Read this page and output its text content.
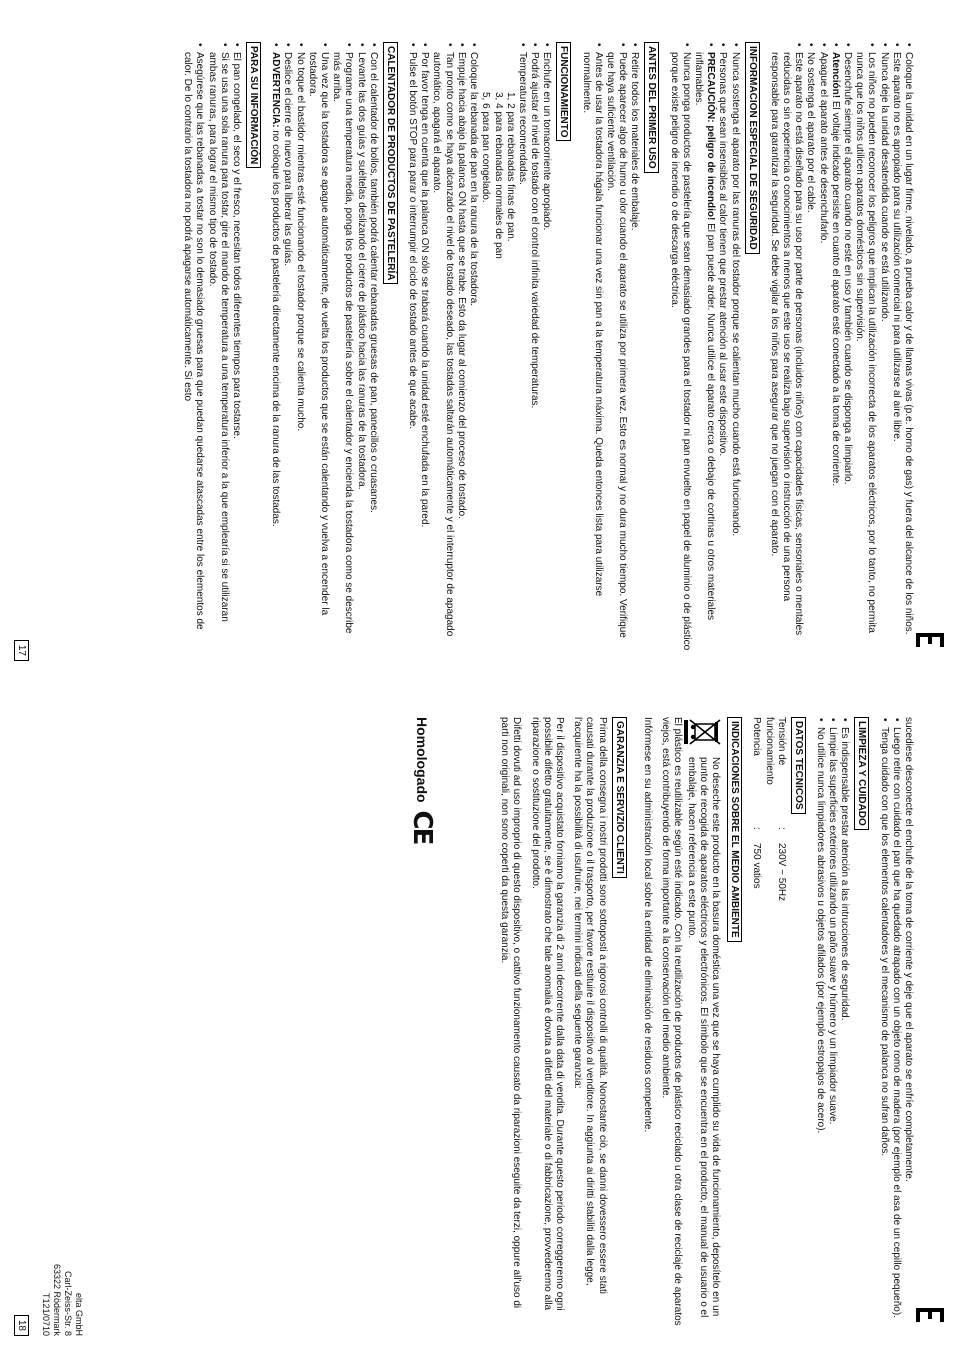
• Coloque la unidad en un lugar firme, nivelado, a prueba calor y de llamas vivas (p.e. horno de gas) y fuera del alcance de los niños.
• Este aparato no es apropiado para su utilización comercial ni para utilizarse al aire libre.
• Nunca deje la unidad desatendida cuando se está utilizando.
• Los niños no pueden reconocer los peligros que implican la utilización incorrecta de los aparatos eléctricos, por lo tanto, no permita nunca que los niños utilicen aparatos domésticos sin supervisión.
• Desenchufe siempre el aparato cuando no esté en uso y también cuando se disponga a limpiarlo.
• Atención! El voltaje indicado persiste en cuanto el aparato esté conectado a la toma de corriente.
• Apague el aparato antes de desenchufarlo.
• No sostenga el aparato por el cable.
• Este aparato no está diseñado para su uso por parte de personas (incluidos niños) con capacidades físicas, sensoriales o mentales reducidas o sin experiencia o conocimientos a menos que este uso se realiza bajo supervisión o instrucción de una persona responsable para garantizar la seguridad. Se debe vigilar a los niños para asegurar que no juegan con el aparato.
INFORMACION ESPECIAL DE SEGURIDAD
• Nunca sostenga el aparato por las ranuras del tostador porque se calientan mucho cuando está funcionando.
• Personas que sean insensibles al calor tienen que prestar atención al usar este dispositivo.
• PRECAUCIÓN: peligro de incendio! El pan puede arder. Nunca utilice el aparato cerca o debajo de cortinas u otros materiales inflamables.
• Nunca ponga productos de pastelería que sean demasiado grandes para el tostador ni pan envuelto en papel de aluminio o de plástico porque existe peligro de incendio o de descarga eléctrica.
ANTES DEL PRIMER USO
• Retire todos los materiales de embalaje.
• Puede aparecer algo de humo u olor cuando el aparato se utiliza por primera vez. Esto es normal y no dura mucho tiempo. Verifique que haya suficiente ventilación.
• Antes de usar la tostadora hágala funcionar una vez sin pan a la temperatura máxima. Queda entonces lista para utilizarse normalmente.
FUNCIONAMIENTO
• Enchufe en un tomacorriente apropiado.
• Podrá ajustar el nivel de tostado con el control infinita variedad de temperaturas.
• Temperaturas recomendadas.
1, 2 para rebanadas finas de pan.
3, 4 para rebanadas normales de pan
5, 6 para pan congelado.
• Coloque la rebanada de pan en la ranura de la tostadora.
• Empuje hacia abajo la palanca ON hasta que se trabe. Esto da lugar al comienzo del proceso de tostado.
• Tan pronto como se haya alcanzado el nivel de tostado deseado, las tostadas saltarán automáticamente y el interruptor de apagado automático, apagará el aparato.
• Por favor tenga en cuenta que la palanca ON sólo se trabará cuando la unidad esté enchufada en la pared.
• Pulse el botón STOP para parar o interrumpir el ciclo de tostado antes de que acabe.
CALENTADOR DE PRODUCTOS DE PASTELERÍA
• Con el calentador de bollos, también podrá calentar rebanadas gruesas de pan, panecillos o cruasanes.
• Levante las dos guías y suéltelas deslizando el cierre de plástico hacia las ranuras de la tostadora.
• Programe una temperatura media, ponga los productos de pastelería sobre el calentador y encienda la tostadora como se describe más arriba.
• Una vez que la tostadora se apague automáticamente, de vuelta los productos que se están calentando y vuelva a encender la tostadora.
• No toque el bastidor mientras esté funcionando el tostador porque se calienta mucho.
• Deslice el cierre de nuevo para liberar las guías.
• ADVERTENCIA: no coloque los productos de pastelería directamente encima de la ranura de las tostadas.
PARA SU INFORMACIÓN
• El pan congelado, el seco y el fresco, necesitan todos diferentes tiempos para tostarse.
• Si se usa una sola ranura para tostar, gire el mando de temperatura a una temperatura inferior a la que emplearía si se utilizaran ambas ranuras, para lograr el mismo tipo de tostado.
• Asegúrese que las rebanadas a tostar no son lo demasiado gruesas para que puedan quedarse atascadas entre los elementos de calor. De lo contrario la tostadora no podrá apagarse automáticamente. Si esto
17

sucediese desconecte el enchufe de la toma de corriente y deje que el aparato se enfríe completamente.

• Luego retire con cuidado el pan que ha quedado atrapado con un objeto romo de madera (por ejemplo el asa de un cepillo pequeño).
• Tenga cuidado con que los elementos calentadores y el mecanismo de palanca no sufran daños.
LIMPIEZA Y CUIDADO
• Es indispensable prestar atención a las intrucciones de seguridad.
• Limpie las superficies exteriores utilizando un paño suave y húmero y un limpiador suave.
• No utilice nunca limpiadores abrasivos u objetos afilados (por ejemplo estropajos de acero).
DATOS TECNICOS
Tensión de funcionamiento
:
230V ~ 50Hz
Potencia
:
750 vatios
INDICACIONES SOBRE EL MEDIO AMBIENTE
No deseche este producto en la basura doméstica una vez que se haya cumplido su vida de funcionamiento, deposítelo en un punto de recogida de aparatos eléctricos y electrónicos. El símbolo que se encuentra en el producto, el manual de usuario o el embalaje, hacen referencia a este punto.

El plástico es reutilizable según esté indicado. Con la reutilización de productos de plástico reciclado u otra clase de reciclaje de aparatos viejos, está contribuyendo de forma importante a la conservación del medio ambiente.

Infórmese en su administración local sobre la entidad de eliminación de residuos competente.

GARANZIA E SERVIZIO CLIENTI

Prima della consegna i nostri prodotti sono sottoposti a rigorosi controlli di qualità. Nonostante ciò, se danni dovessero essere stati causati durante la produzione o il trasporto, per favore restituire il dispositivo al venditore. In aggiunta ai diritti stabiliti dalla legge, l'acquirente ha la possibilità di usufruire, nei termini indicati della seguente garanzia:

Per il dispositivo acquistato forniamo la garanzia di 2 anni decorrente dalla data di vendita. Durante questo periodo correggeremo ogni possibile difetto gratuitamente, se è dimostrato che tale anomalia è dovuta a difetti del materiale o di fabbricazione, provvederemo alla riparazione o sostituzione del prodotto.

Difetti dovuti ad uso improprio di questo dispositivo, o cattivo funzionamento causato da riparazioni eseguite da terzi, oppure all'uso di parti non originali, non sono coperti da questa garanzia.

Homologado
CE
elta GmbH
Carl-Zeiss-Str. 8
63322 Rödermark
T121/0710
18
